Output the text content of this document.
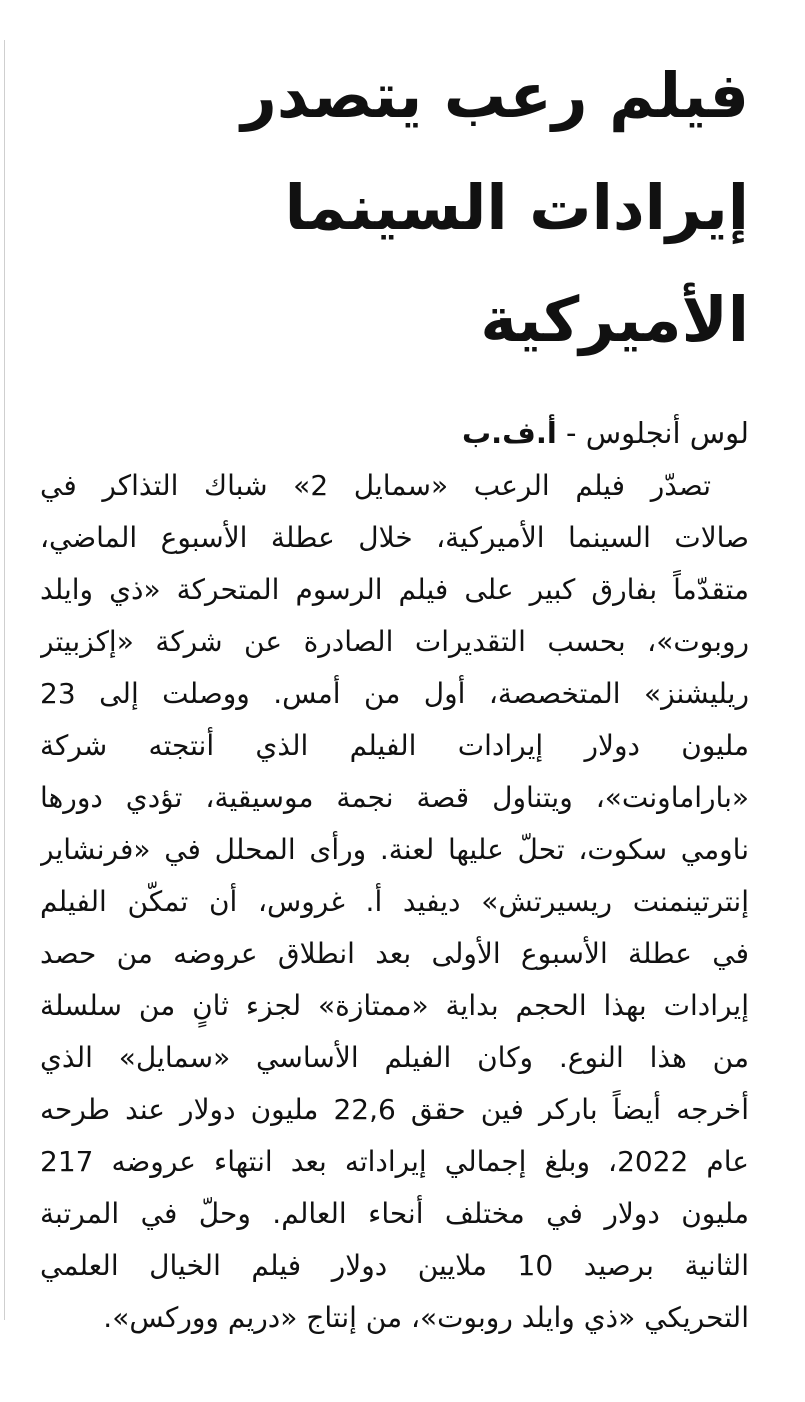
فيلم رعب يتصدر
إيرادات السينما
الأميركية
لوس أنجلوس - أ.ف.ب
تصدّر فيلم الرعب «سمايل 2» شباك التذاكر في
صالات السينما الأميركية، خلال عطلة الأسبوع الماضي،
متقدّماً بفارق كبير على فيلم الرسوم المتحركة «ذي وايلد
روبوت»، بحسب التقديرات الصادرة عن شركة «إكزبيتر
ريليشنز» المتخصصة، أول من أمس. ووصلت إلى 23
مليون دولار إيرادات الفيلم الذي أنتجته شركة
«باراماونت»، ويتناول قصة نجمة موسيقية، تؤدي دورها
ناومي سكوت، تحلّ عليها لعنة. ورأى المحلل في «فرنشاير
إنترتينمنت ريسيرتش» ديفيد أ. غروس، أن تمكّن الفيلم
في عطلة الأسبوع الأولى بعد انطلاق عروضه من حصد
إيرادات بهذا الحجم بداية «ممتازة» لجزء ثانٍ من سلسلة
من هذا النوع. وكان الفيلم الأساسي «سمايل» الذي
أخرجه أيضاً باركر فين حقق 22,6 مليون دولار عند طرحه
عام 2022، وبلغ إجمالي إيراداته بعد انتهاء عروضه 217
مليون دولار في مختلف أنحاء العالم. وحلّ في المرتبة
الثانية برصيد 10 ملايين دولار فيلم الخيال العلمي
التحريكي «ذي وايلد روبوت»، من إنتاج «دريم ووركس».
